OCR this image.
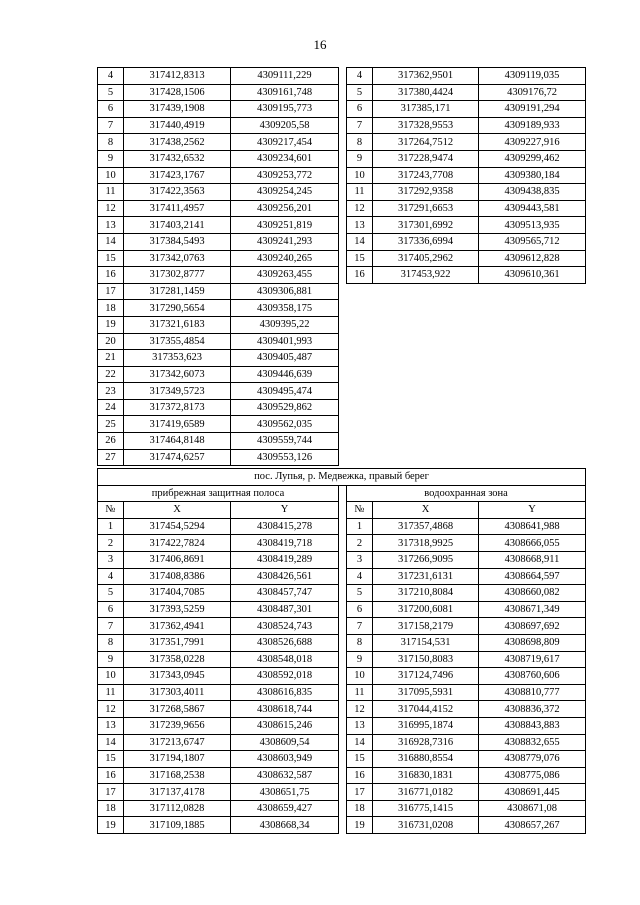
16
4	317412,8313	4309111,229
5	317428,1506	4309161,748
6	317439,1908	4309195,773
7	317440,4919	4309205,58
8	317438,2562	4309217,454
9	317432,6532	4309234,601
10	317423,1767	4309253,772
11	317422,3563	4309254,245
12	317411,4957	4309256,201
13	317403,2141	4309251,819
14	317384,5493	4309241,293
15	317342,0763	4309240,265
16	317302,8777	4309263,455
17	317281,1459	4309306,881
18	317290,5654	4309358,175
19	317321,6183	4309395,22
20	317355,4854	4309401,993
21	317353,623	4309405,487
22	317342,6073	4309446,639
23	317349,5723	4309495,474
24	317372,8173	4309529,862
25	317419,6589	4309562,035
26	317464,8148	4309559,744
27	317474,6257	4309553,126
4	317362,9501	4309119,035
5	317380,4424	4309176,72
6	317385,171	4309191,294
7	317328,9553	4309189,933
8	317264,7512	4309227,916
9	317228,9474	4309299,462
10	317243,7708	4309380,184
11	317292,9358	4309438,835
12	317291,6653	4309443,581
13	317301,6992	4309513,935
14	317336,6994	4309565,712
15	317405,2962	4309612,828
16	317453,922	4309610,361
пос. Лупья, р. Медвежка, правый берег						
прибрежная защитная полоса				водоохранная зона		
№	X	Y		№	X	Y
1	317454,5294	4308415,278		1	317357,4868	4308641,988
2	317422,7824	4308419,718		2	317318,9925	4308666,055
3	317406,8691	4308419,289		3	317266,9095	4308668,911
4	317408,8386	4308426,561		4	317231,6131	4308664,597
5	317404,7085	4308457,747		5	317210,8084	4308660,082
6	317393,5259	4308487,301		6	317200,6081	4308671,349
7	317362,4941	4308524,743		7	317158,2179	4308697,692
8	317351,7991	4308526,688		8	317154,531	4308698,809
9	317358,0228	4308548,018		9	317150,8083	4308719,617
10	317343,0945	4308592,018		10	317124,7496	4308760,606
11	317303,4011	4308616,835		11	317095,5931	4308810,777
12	317268,5867	4308618,744		12	317044,4152	4308836,372
13	317239,9656	4308615,246		13	316995,1874	4308843,883
14	317213,6747	4308609,54		14	316928,7316	4308832,655
15	317194,1807	4308603,949		15	316880,8554	4308779,076
16	317168,2538	4308632,587		16	316830,1831	4308775,086
17	317137,4178	4308651,75		17	316771,0182	4308691,445
18	317112,0828	4308659,427		18	316775,1415	4308671,08
19	317109,1885	4308668,34		19	316731,0208	4308657,267
